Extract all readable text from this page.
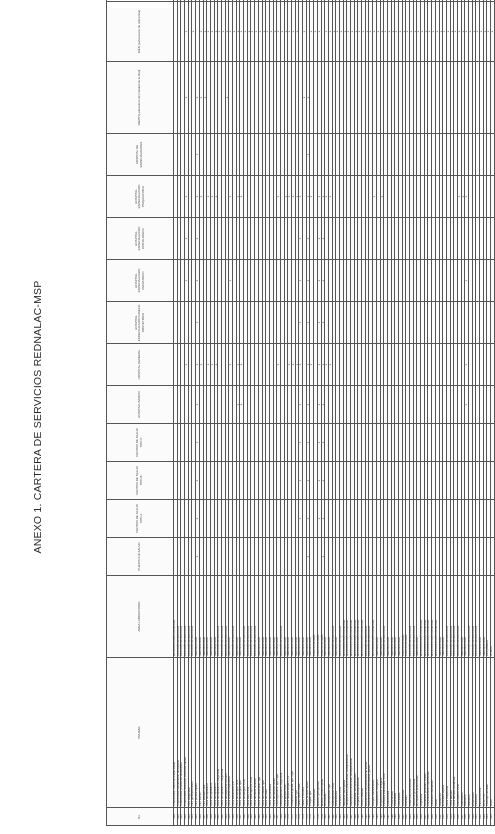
ANEXO 1. CARTERA DE SERVICIOS REDNALAC-MSP
No.	PRUEBA	AREA LABORATORIO	PUESTO DE SALUD	CENTRO DE SALUD TIPO A	CENTRO DE SALUD TIPO B	CENTRO DE SALUD TIPO C	HOSPITAL BASICO	HOSPITAL GENERAL	HOSPITAL ESPECIALIZADO GINECO-OBSTETRICO	HOSPITAL ESPECIALIZADO PEDIATRICO	HOSPITAL ESPECIALIZADO ONCOLOGICO	HOSPITAL ESPECIALIZADO PSIQUIATRICO	HOSPITAL DE ESPECIALIDADES	RIEPP (Laboratorio de Calidad de la Red)	RIEN (Laboratorio de referencia)	
139	Tuberculosis, cultivo en medio sólido	MICROBIOLOGÍA AVANZADA														
140	Tuberculosis, identificación de especie	BIOLOGÍA MOLECULAR														
141	Tuberculosis, prueba de sensibilidad	BIOLOGÍA MOLECULAR														
142	Tuberculosis, detección molecular rápida	BIOLOGÍA MOLECULAR						x		x	x	x		x	x	
143	VIH, carga viral	BIOLOGÍA MOLECULAR														
144	VIH, genotipificación	BIOLOGÍA MOLECULAR													x	
145	VIH, prueba rápida	INMUNOLOGÍA	x	x	x	x	x	x	x	x	x	x	x	x		
146	VIH, ELISA	INMUNOLOGÍA						x				x		x	x	
147	VIH, Western Blot	INMUNOLOGÍA												x	x	
148	Virus de hepatitis A	INMUNOLOGÍA						x				x			x	
149	Virus de hepatitis B	INMUNOLOGÍA						x				x			x	
150	Virus de hepatitis C	INMUNOLOGÍA						x				x			x	
151	Virus de hepatitis B, carga viral	BIOLOGÍA MOLECULAR													x	
152	Virus de hepatitis C, carga viral	BIOLOGÍA MOLECULAR													x	
153	Virus del papiloma humano	BIOLOGÍA MOLECULAR												x	x	
154	Virus sincitial respiratorio	INMUNOLOGÍA						x		x		x			x	
155	Virus influenza A y B	BIOLOGÍA MOLECULAR													x	
156	Virus de dengue, NS1	INMUNOLOGÍA					x	x				x			x	
157	Virus de dengue, IgM	INMUNOLOGÍA					x	x				x			x	
158	Virus de dengue, PCR	BIOLOGÍA MOLECULAR													x	
159	Virus zika, PCR	BIOLOGÍA MOLECULAR													x	
160	Virus chikungunya, PCR	BIOLOGÍA MOLECULAR													x	
161	Virus de fiebre amarilla	BIOLOGÍA MOLECULAR													x	
162	Virus de sarampión, IgM	INMUNOLOGÍA													x	
163	Virus de rubéola, IgM	INMUNOLOGÍA													x	
164	Virus de rabia	INMUNOLOGÍA													x	
165	Virus de parotiditis	INMUNOLOGÍA													x	
166	Virus de varicela zóster	INMUNOLOGÍA													x	
167	Citomegalovirus, IgG / IgM	INMUNOLOGÍA						x				x			x	
168	Citomegalovirus, carga viral	BIOLOGÍA MOLECULAR													x	
169	Virus Epstein Barr	INMUNOLOGÍA										x			x	
170	Virus herpes simple 1 y 2	INMUNOLOGÍA						x				x			x	
171	Toxoplasma gondii, IgG / IgM	INMUNOLOGÍA						x				x			x	
172	Rubéola, IgG	INMUNOLOGÍA						x				x			x	
173	Sífilis, RPR / VDRL	INMUNOLOGÍA		x	x	x	x	x	x	x	x	x				
174	Sífilis, FTA-ABS	INMUNOLOGÍA												x	x	
175	Sífilis, prueba rápida	INMUNOLOGÍA	x	x	x	x	x	x	x	x	x	x	x	x		
176	Chagas, IgG	INMUNOLOGÍA						x				x			x	
177	Leishmaniasis	PARASITOLOGÍA													x	
178	Malaria, gota gruesa	PARASITOLOGÍA		x	x	x	x	x	x	x	x	x			x	
179	Malaria, prueba rápida	PARASITOLOGÍA	x	x	x	x	x	x	x	x	x	x				
180	Brucelosis	INMUNOLOGÍA						x				x			x	
181	Leptospirosis, IgM	INMUNOLOGÍA						x				x			x	
182	Leptospirosis, PCR	BIOLOGÍA MOLECULAR													x	
183	Rickettsiosis	INMUNOLOGÍA													x	
184	Tos ferina, PCR	BIOLOGÍA MOLECULAR													x	
185	Neisseria meningitidis	MICROBIOLOGÍA AVANZADA													x	
186	Streptococcus pneumoniae, serotipificación	MICROBIOLOGÍA AVANZADA													x	
187	Haemophilus influenzae, serotipificación	MICROBIOLOGÍA AVANZADA													x	
188	Salmonella, serotipificación	MICROBIOLOGÍA AVANZADA													x	
189	Shigella, serotipificación	MICROBIOLOGÍA AVANZADA													x	
190	Vibrio cholerae	MICROBIOLOGÍA AVANZADA													x	
191	Escherichia coli productora de toxina	BIOLOGÍA MOLECULAR													x	
192	Resistencia antimicrobiana, genes	BIOLOGÍA MOLECULAR													x	
193	Hongos, identificación	MICROBIOLOGÍA AVANZADA										x			x	
194	Histoplasma, antígeno	INMUNOLOGÍA													x	
195	Cryptococcus, antígeno	INMUNOLOGÍA										x			x	
196	Parásitos intestinales, PCR	BIOLOGÍA MOLECULAR													x	
197	Cisticercosis	INMUNOLOGÍA													x	
198	Toxocariasis	INMUNOLOGÍA													x	
199	Hidatidosis	INMUNOLOGÍA													x	
200	Fasciolasis	INMUNOLOGÍA													x	
201	Oncocercosis	PARASITOLOGÍA													x	
202	Filariasis	PARASITOLOGÍA													x	
203	Chlamydia trachomatis	BIOLOGÍA MOLECULAR													x	
204	Neisseria gonorrhoeae	BIOLOGÍA MOLECULAR													x	
205	Mycoplasma pneumoniae	INMUNOLOGÍA													x	
206	Legionella	MICROBIOLOGÍA AVANZADA													x	
207	Bordetella pertussis, cultivo	MICROBIOLOGÍA AVANZADA													x	
208	Corynebacterium diphtheriae	MICROBIOLOGÍA AVANZADA													x	
209	Clostridium botulinum	MICROBIOLOGÍA AVANZADA													x	
210	Peste	MICROBIOLOGÍA AVANZADA													x	
211	Hantavirus	INMUNOLOGÍA													x	
212	Encefalitis equina	INMUNOLOGÍA													x	
213	Virus Oropouche	BIOLOGÍA MOLECULAR													x	
214	Virus Mayaro	BIOLOGÍA MOLECULAR													x	
215	Virus del Nilo Occidental	BIOLOGÍA MOLECULAR													x	
216	Coronavirus, PCR	BIOLOGÍA MOLECULAR										x			x	
217	Adenovirus	INMUNOLOGÍA										x			x	
218	Rotavirus	INMUNOLOGÍA					x	x		x		x			x	
219	Norovirus	BIOLOGÍA MOLECULAR													x	
220	Enterovirus	BIOLOGÍA MOLECULAR													x	
221	Poliovirus	BIOLOGÍA MOLECULAR													x	
222	Parvovirus B19	INMUNOLOGÍA													x	
223	HTLV I / II	INMUNOLOGÍA													x	
224	Tamizaje neonatal	BIOQUÍMICA													x	
225	Otros	OTROS													x	
